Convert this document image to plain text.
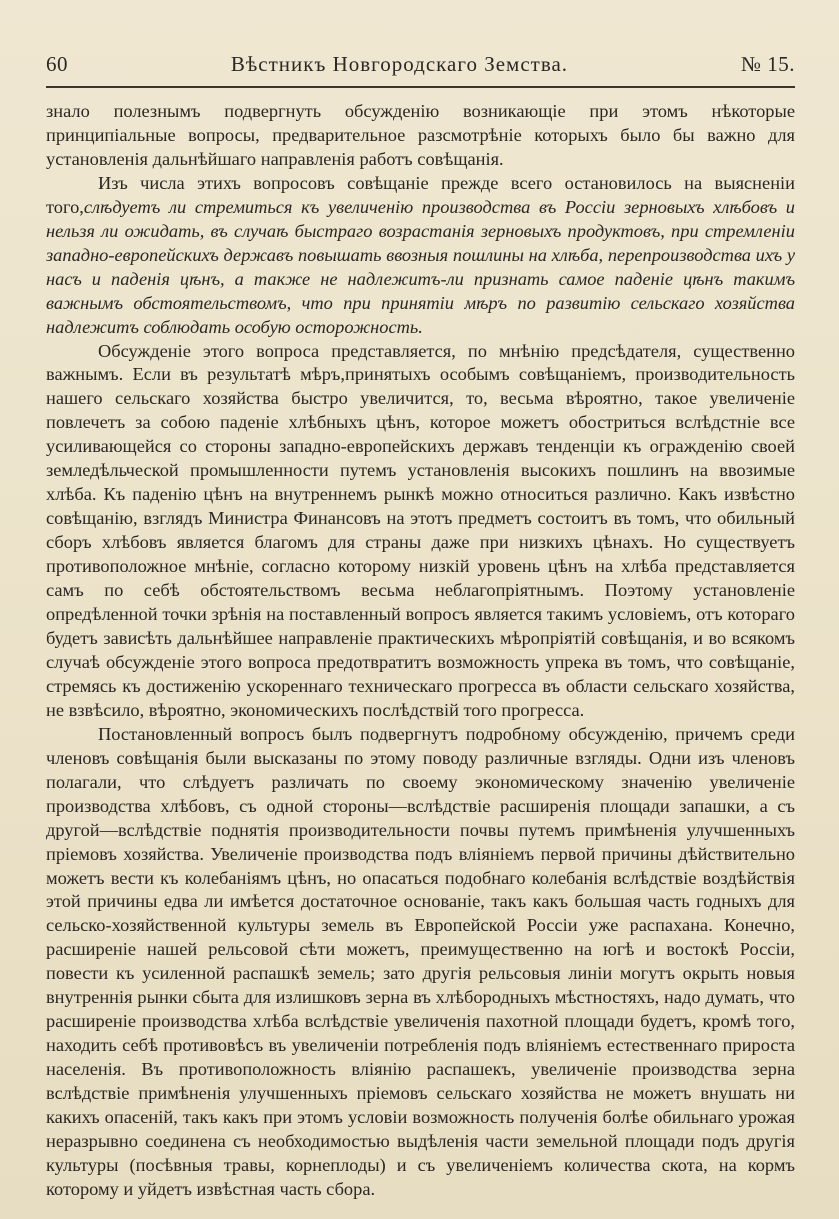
60	Вѣстникъ Новгородскаго Земства.	№ 15.

знало полезнымъ подвергнуть обсужденію возникающіе при этомъ нѣкоторые принципіальные вопросы, предварительное разсмотрѣніе которыхъ было бы важно для установленія дальнѣйшаго направленія работъ совѣщанія.

Изъ числа этихъ вопросовъ совѣщаніе прежде всего остановилось на выясненіи того,слѣдуетъ ли стремиться къ увеличенію производства въ Россіи зерновыхъ хлѣбовъ и нельзя ли ожидать, въ случаѣ быстраго возрастанія зерновыхъ продуктовъ, при стремленіи западно-европейскихъ державъ повышать ввозныя пошлины на хлѣба, перепроизводства ихъ у насъ и паденія цѣнъ, а также не надлежитъ-ли признать самое паденіе цѣнъ такимъ важнымъ обстоятельствомъ, что при принятіи мѣръ по развитію сельскаго хозяйства надлежитъ соблюдать особую осторожность.

Обсужденіе этого вопроса представляется, по мнѣнію предсѣдателя, существенно важнымъ. Если въ результатѣ мѣръ,принятыхъ особымъ совѣщаніемъ, производительность нашего сельскаго хозяйства быстро увеличится, то, весьма вѣроятно, такое увеличеніе повлечетъ за собою паденіе хлѣбныхъ цѣнъ, которое можетъ обостриться вслѣдстніе все усиливающейся со стороны западно-европейскихъ державъ тенденціи къ огражденію своей земледѣльческой промышленности путемъ установленія высокихъ пошлинъ на ввозимые хлѣба. Къ паденію цѣнъ на внутреннемъ рынкѣ можно относиться различно. Какъ извѣстно совѣщанію, взглядъ Министра Финансовъ на этотъ предметъ состоитъ въ томъ, что обильный сборъ хлѣбовъ является благомъ для страны даже при низкихъ цѣнахъ. Но существуетъ противоположное мнѣніе, согласно которому низкій уровень цѣнъ на хлѣба представляется самъ по себѣ обстоятельствомъ весьма неблагопріятнымъ. Поэтому установленіе опредѣленной точки зрѣнія на поставленный вопросъ является такимъ условіемъ, отъ котораго будетъ зависѣть дальнѣйшее направленіе практическихъ мѣропріятій совѣщанія, и во всякомъ случаѣ обсужденіе этого вопроса предотвратитъ возможность упрека въ томъ, что совѣщаніе, стремясь къ достиженію ускореннаго техническаго прогресса въ области сельскаго хозяйства, не взвѣсило, вѣроятно, экономическихъ послѣдствій того прогресса.

Постановленный вопросъ былъ подвергнутъ подробному обсужденію, причемъ среди членовъ совѣщанія были высказаны по этому поводу различные взгляды. Одни изъ членовъ полагали, что слѣдуетъ различать по своему экономическому значенію увеличеніе производства хлѣбовъ, съ одной стороны—вслѣдствіе расширенія площади запашки, а съ другой—вслѣдствіе поднятія производительности почвы путемъ примѣненія улучшенныхъ пріемовъ хозяйства. Увеличеніе производства подъ вліяніемъ первой причины дѣйствительно можетъ вести къ колебаніямъ цѣнъ, но опасаться подобнаго колебанія вслѣдствіе воздѣйствія этой причины едва ли имѣется достаточное основаніе, такъ какъ большая часть годныхъ для сельско-хозяйственной культуры земель въ Европейской Россіи уже распахана. Конечно, расширеніе нашей рельсовой сѣти можетъ, преимущественно на югѣ и востокѣ Россіи, повести къ усиленной распашкѣ земель; зато другія рельсовыя линіи могутъ окрыть новыя внутреннія рынки сбыта для излишковъ зерна въ хлѣбородныхъ мѣстностяхъ, надо думать, что расширеніе производства хлѣба вслѣдствіе увеличенія пахотной площади будетъ, кромѣ того, находить себѣ противовѣсъ въ увеличеніи потребленія подъ вліяніемъ естественнаго прироста населенія. Въ противоположность вліянію распашекъ, увеличеніе производства зерна вслѣдствіе примѣненія улучшенныхъ пріемовъ сельскаго хозяйства не можетъ внушать ни какихъ опасеній, такъ какъ при этомъ условіи возможность полученія болѣе обильнаго урожая неразрывно соединена съ необходимостью выдѣленія части земельной площади подъ другія культуры (посѣвныя травы, корнеплоды) и съ увеличеніемъ количества скота, на кормъ которому и уйдетъ извѣстная часть сбора.
